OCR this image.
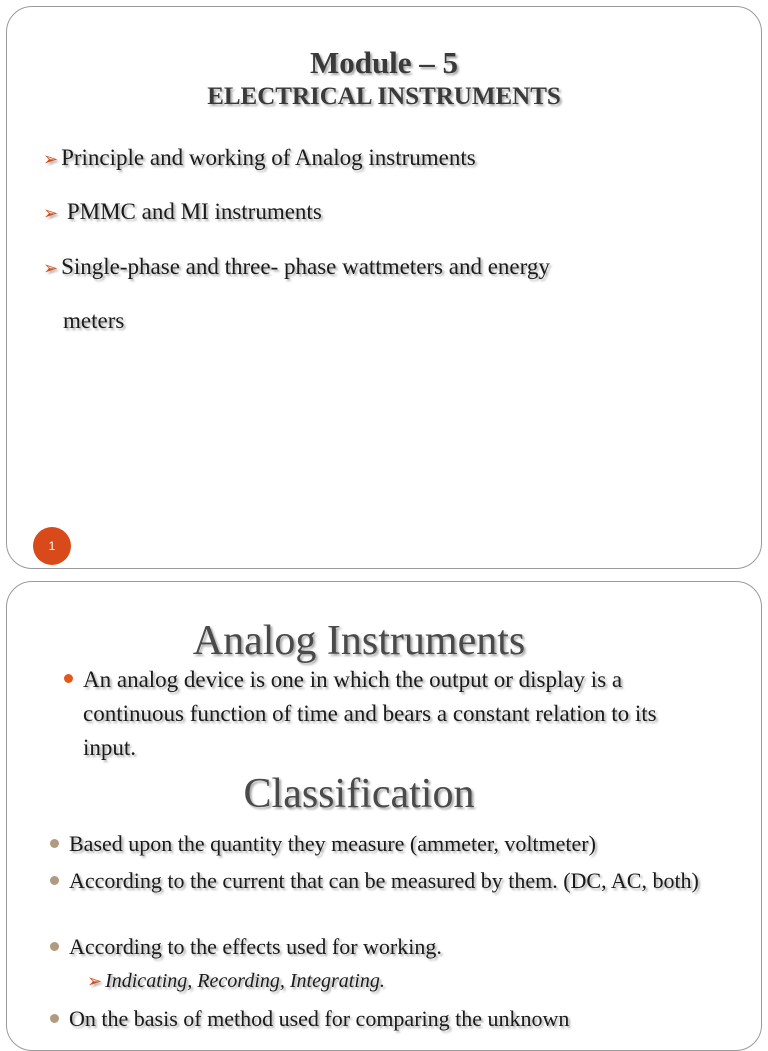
Module – 5
ELECTRICAL INSTRUMENTS
➢ Principle and working of Analog instruments
➢ PMMC and MI instruments
➢ Single-phase and three- phase wattmeters and energy
meters
1
Analog Instruments
An analog device is one in which the output or display is a continuous function of time and bears a constant relation to its input.
Classification
Based upon the quantity they measure (ammeter, voltmeter)
According to the current that can be measured by them. (DC, AC, both)
According to the effects used for working.
➢ Indicating, Recording, Integrating.
On the basis of method used for comparing the unknown
